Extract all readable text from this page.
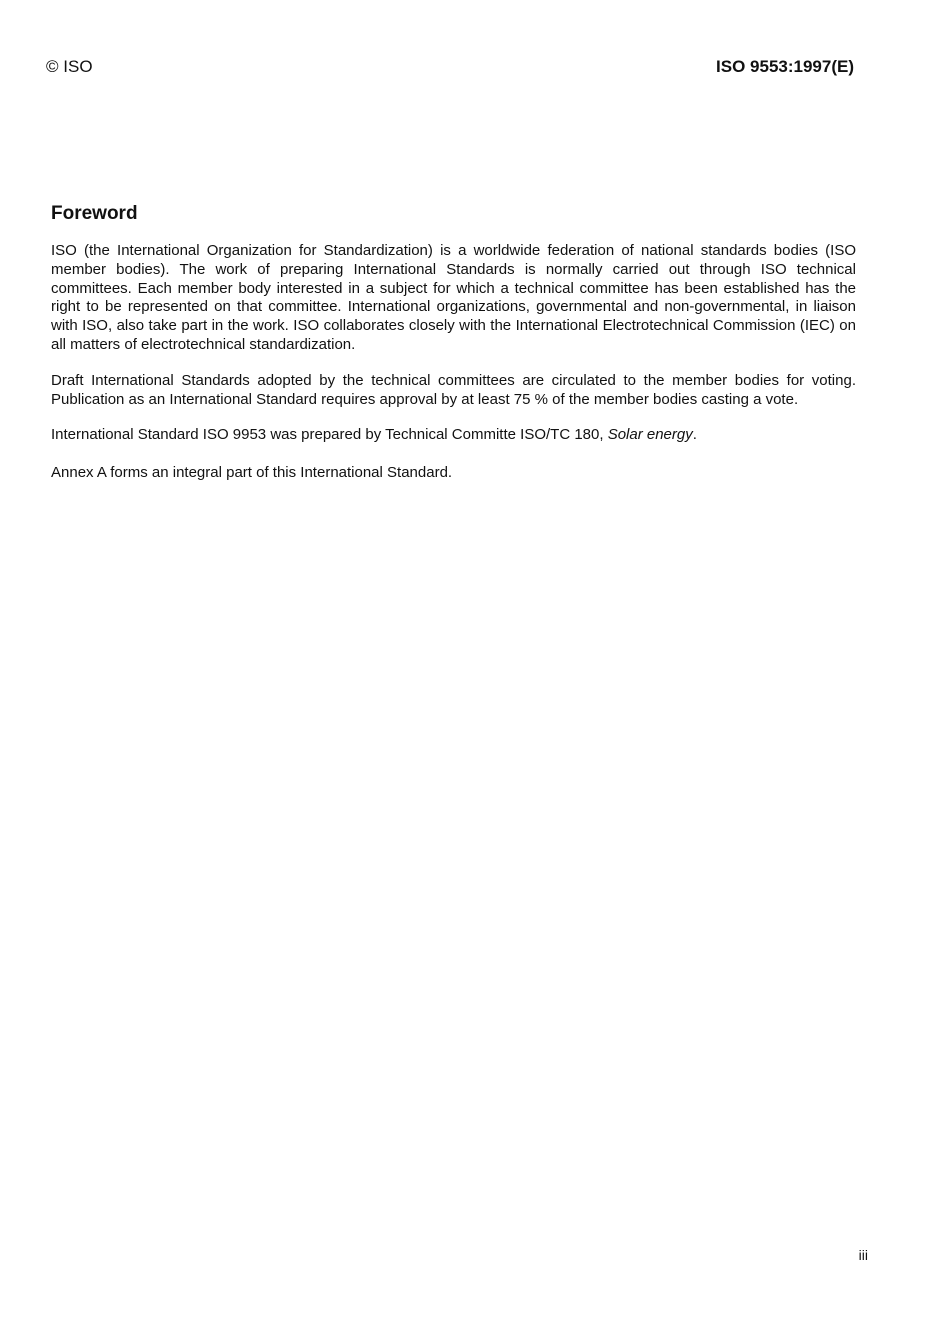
© ISO	ISO 9553:1997(E)
Foreword

ISO (the International Organization for Standardization) is a worldwide federation of national standards bodies (ISO member bodies). The work of preparing International Standards is normally carried out through ISO technical committees. Each member body interested in a subject for which a technical committee has been established has the right to be represented on that committee. International organizations, governmental and non-governmental, in liaison with ISO, also take part in the work. ISO collaborates closely with the International Electrotechnical Commission (IEC) on all matters of electrotechnical standardization.

Draft International Standards adopted by the technical committees are circulated to the member bodies for voting. Publication as an International Standard requires approval by at least 75 % of the member bodies casting a vote.

International Standard ISO 9953 was prepared by Technical Committe ISO/TC 180, Solar energy.

Annex A forms an integral part of this International Standard.

iii
